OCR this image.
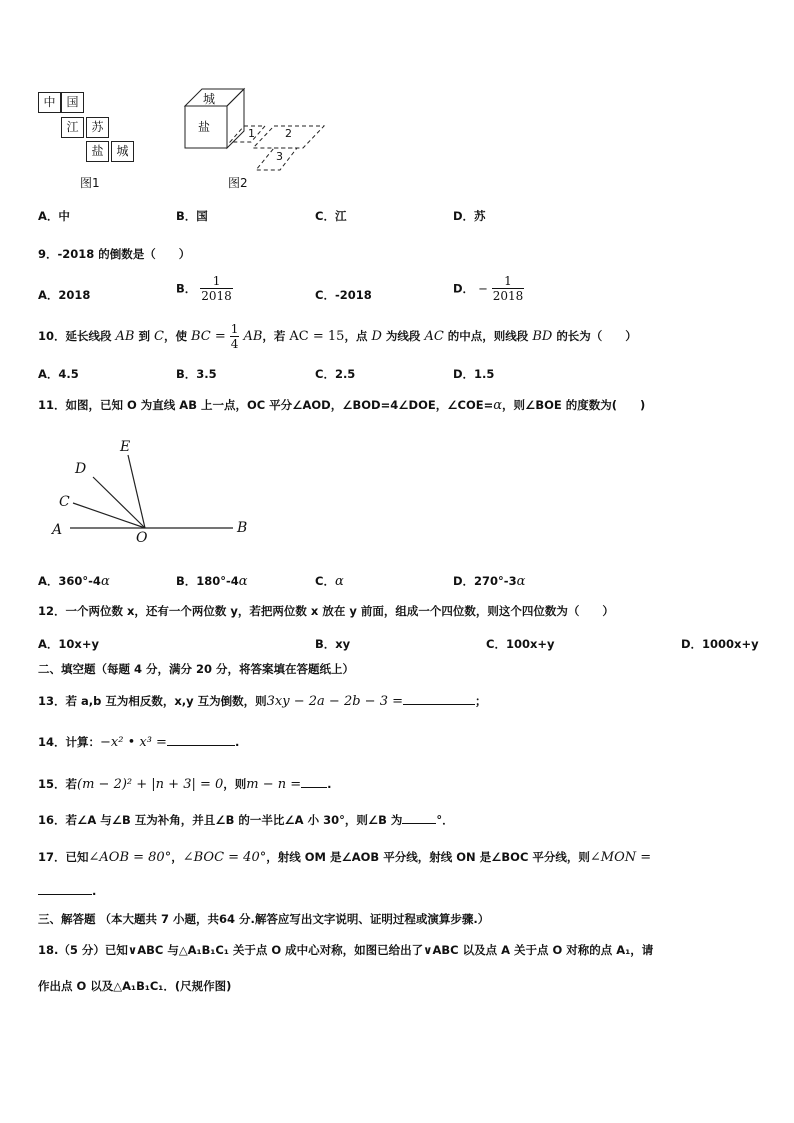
中 国
江	苏
盐	城
图1
城
盐	1	2
3
图2
A．中	B．国	C．江	D．苏
9．-2018 的倒数是（　　）
A．2018	B． $\frac{1}{2018}$	C．-2018	D． − $\frac{1}{2018}$
10．延长线段 AB 到 C，使 BC = $\frac{1}{4}$ AB，若 AC = 15，点 D 为线段 AC 的中点，则线段 BD 的长为（　　）
A．4.5	B．3.5	C．2.5	D．1.5
11．如图，已知 O 为直线 AB 上一点，OC 平分∠AOD，∠BOD=4∠DOE，∠COE=α，则∠BOE 的度数为(　　)
E
D
C
A	O
B
A．360°-4α	B．180°-4α	C．α	D．270°-3α
12．一个两位数 x，还有一个两位数 y，若把两位数 x 放在 y 前面，组成一个四位数，则这个四位数为（　　）
A．10x+y	B．xy	C．100x+y	D．1000x+y
二、填空题（每题 4 分，满分 20 分，将答案填在答题纸上）
13．若 a,b 互为相反数，x,y 互为倒数，则3xy − 2a − 2b − 3 =	；
14．计算：−x² • x³ =	.
15．若(m − 2)² + |n + 3| = 0，则m − n = .
16．若∠A 与∠B 互为补角，并且∠B 的一半比∠A 小 30°，则∠B 为	°．
17．已知∠AOB = 80°，∠BOC = 40°，射线 OM 是∠AOB 平分线，射线 ON 是∠BOC 平分线，则∠MON =
.
三、解答题 （本大题共 7 小题，共64 分.解答应写出文字说明、证明过程或演算步骤.）
18.（5 分）已知∨ABC 与△A₁B₁C₁ 关于点 O 成中心对称，如图已给出了∨ABC 以及点 A 关于点 O 对称的点 A₁，请
作出点 O 以及△A₁B₁C₁．(尺规作图)
